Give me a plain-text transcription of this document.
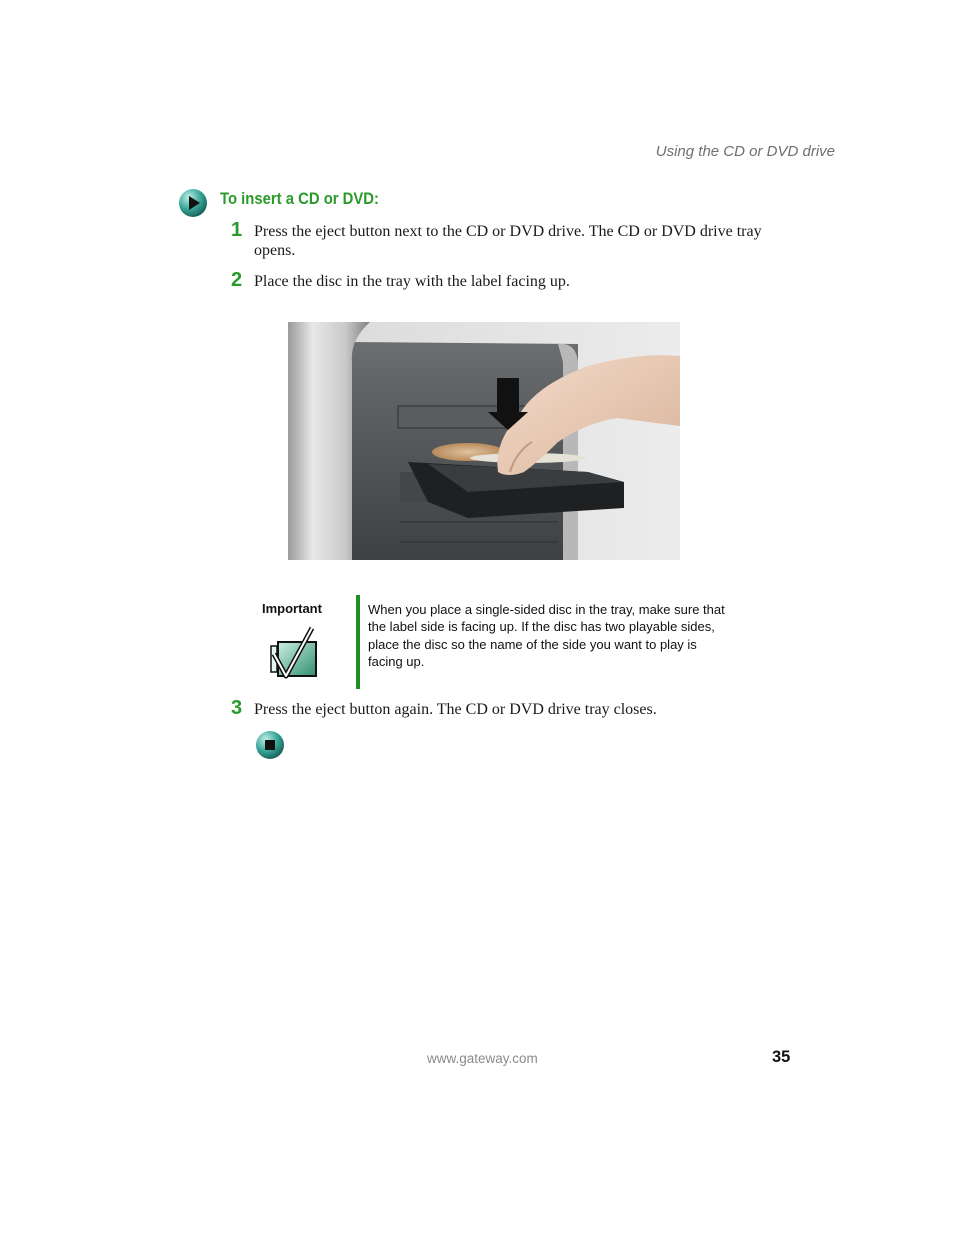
Using the CD or DVD drive
To insert a CD or DVD:
1 Press the eject button next to the CD or DVD drive. The CD or DVD drive tray opens.
2 Place the disc in the tray with the label facing up.
Important	When you place a single-sided disc in the tray, make sure that the label side is facing up. If the disc has two playable sides, place the disc so the name of the side you want to play is facing up.
3 Press the eject button again. The CD or DVD drive tray closes.
www.gateway.com	35
